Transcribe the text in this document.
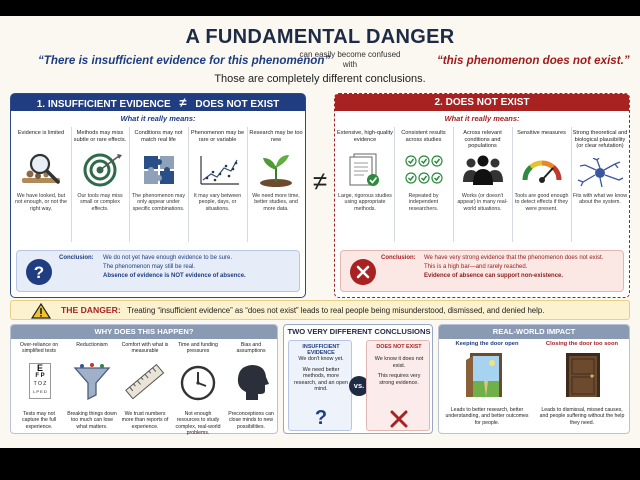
A FUNDAMENTAL DANGER
“There is insufficient evidence for this phenomenon”
can easily become confused with	“this phenomenon does not exist.”
Those are completely different conclusions.
1. INSUFFICIENT EVIDENCE ≠ DOES NOT EXIST
What it really means:
Evidence is limited
We have looked, but not enough, or not the right way.
Methods may miss subtle or rare effects.
Our tools may miss small or complex effects.
Conditions may not match real life
The phenomenon may only appear under specific combinations.
Phenomenon may be rare or variable
It may vary between people, days, or situations.
Research may be too new
We need more time, better studies, and more data.
?
Conclusion: We do not yet have enough evidence to be sure.
The phenomenon may still be real.
Absence of evidence is NOT evidence of absence.
≠
2. DOES NOT EXIST
What it really means:
Extensive, high-quality evidence
Large, rigorous studies using appropriate methods.
Consistent results across studies
Repeated by independent researchers.
Across relevant conditions and populations
Works (or doesn't appear) in many real-world situations.
Sensitive measures
Tools are good enough to detect effects if they were present.
Strong theoretical and biological plausibility (or clear refutation)
Fits with what we know about the system.
Conclusion: We have very strong evidence that the phenomenon does not exist.
This is a high bar—and rarely reached.
Evidence of absence can support non-existence.
THE DANGER: Treating “insufficient evidence” as “does not exist” leads to real people being misunderstood, dismissed, and denied help.
WHY DOES THIS HAPPEN?
Over-reliance on simplified tests
E
F P
T O Z
L P E D
Tests may not capture the full experience.
Reductionism
Breaking things down too much can lose what matters.
Comfort with what is measurable
We trust numbers more than reports of experience.
Time and funding pressures
Not enough resources to study complex, real-world problems.
Bias and assumptions
Preconceptions can close minds to new possibilities.
TWO VERY DIFFERENT CONCLUSIONS
INSUFFICIENT EVIDENCE
We don't know yet.
We need better methods, more research, and an open mind.
?
vs.
DOES NOT EXIST
We know it does not exist.
This requires very strong evidence.
REAL-WORLD IMPACT
Keeping the door open
Leads to better research, better understanding, and better outcomes for people.
Closing the door too soon
Leads to dismissal, missed causes, and people suffering without the help they need.
